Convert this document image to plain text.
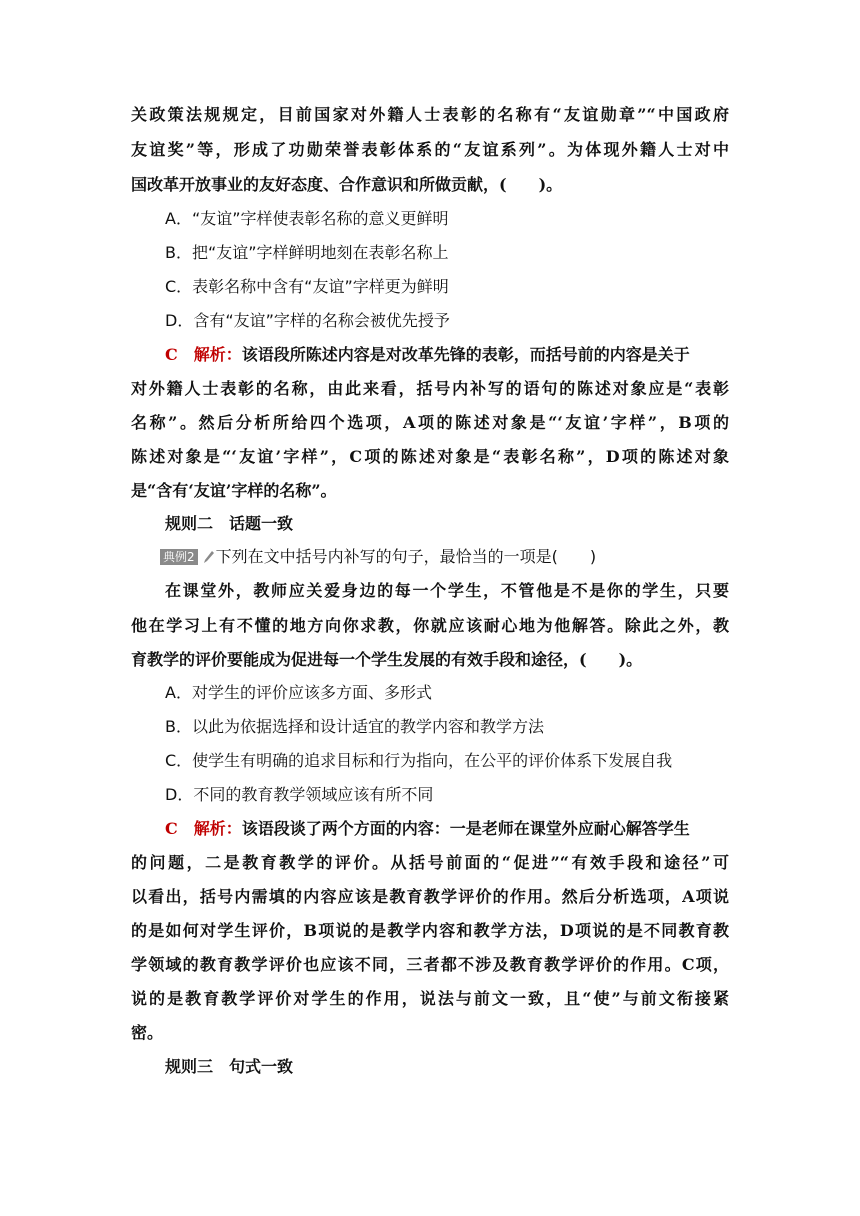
关政策法规规定，目前国家对外籍人士表彰的名称有“友谊勋章”“中国政府
友谊奖”等，形成了功勋荣誉表彰体系的“友谊系列”。为体现外籍人士对中
国改革开放事业的友好态度、合作意识和所做贡献，(　　)。
A．“友谊”字样使表彰名称的意义更鲜明
B．把“友谊”字样鲜明地刻在表彰名称上
C．表彰名称中含有“友谊”字样更为鲜明
D．含有“友谊”字样的名称会被优先授予
C　 解析：该语段所陈述内容是对改革先锋的表彰，而括号前的内容是关于
对外籍人士表彰的名称，由此来看，括号内补写的语句的陈述对象应是“表彰
名称”。然后分析所给四个选项，A项的陈述对象是“‘友谊’字样”，B项的
陈述对象是“‘友谊’字样”，C项的陈述对象是“表彰名称”，D项的陈述对象
是“含有‘友谊’字样的名称”。
规则二　话题一致
典例2 下列在文中括号内补写的句子，最恰当的一项是(　　)
在课堂外，教师应关爱身边的每一个学生，不管他是不是你的学生，只要
他在学习上有不懂的地方向你求教，你就应该耐心地为他解答。除此之外，教
育教学的评价要能成为促进每一个学生发展的有效手段和途径，(　　)。
A．对学生的评价应该多方面、多形式
B．以此为依据选择和设计适宜的教学内容和教学方法
C．使学生有明确的追求目标和行为指向，在公平的评价体系下发展自我
D．不同的教育教学领域应该有所不同
C　 解析：该语段谈了两个方面的内容：一是老师在课堂外应耐心解答学生
的问题，二是教育教学的评价。从括号前面的“促进”“有效手段和途径”可
以看出，括号内需填的内容应该是教育教学评价的作用。然后分析选项，A项说
的是如何对学生评价，B项说的是教学内容和教学方法，D项说的是不同教育教
学领域的教育教学评价也应该不同，三者都不涉及教育教学评价的作用。C项，
说的是教育教学评价对学生的作用，说法与前文一致，且“使”与前文衔接紧
密。
规则三　句式一致
